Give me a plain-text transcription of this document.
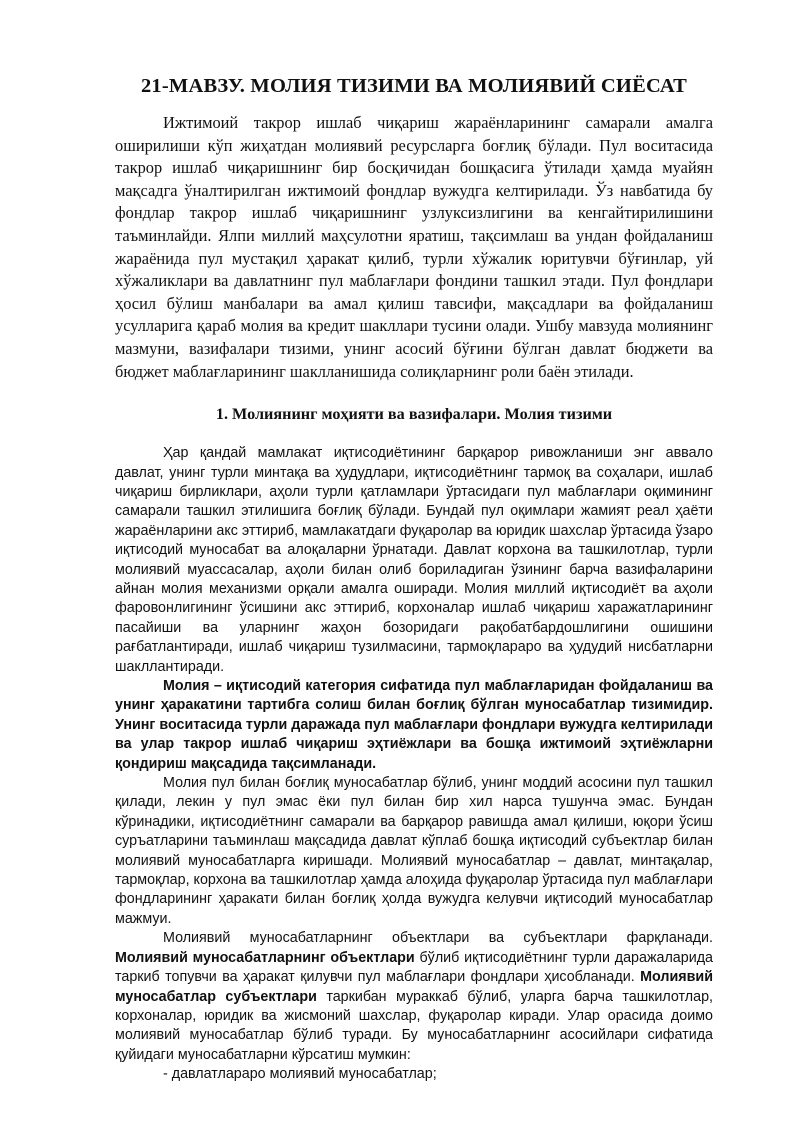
21-МАВЗУ. МОЛИЯ ТИЗИМИ ВА МОЛИЯВИЙ СИЁСАТ

Ижтимоий такрор ишлаб чиқариш жараёнларининг самарали амалга оширилиши кўп жиҳатдан молиявий ресурсларга боғлиқ бўлади. Пул воситасида такрор ишлаб чиқаришнинг бир босқичидан бошқасига ўтилади ҳамда муайян мақсадга ўналтирилган ижтимоий фондлар вужудга келтирилади. Ўз навбатида бу фондлар такрор ишлаб чиқаришнинг узлуксизлигини ва кенгайтирилишини таъминлайди. Ялпи миллий маҳсулотни яратиш, тақсимлаш ва ундан фойдаланиш жараёнида пул мустақил ҳаракат қилиб, турли хўжалик юритувчи бўғинлар, уй хўжаликлари ва давлатнинг пул маблағлари фондини ташкил этади. Пул фондлари ҳосил бўлиш манбалари ва амал қилиш тавсифи, мақсадлари ва фойдаланиш усулларига қараб молия ва кредит шакллари тусини олади. Ушбу мавзуда молиянинг мазмуни, вазифалари тизими, унинг асосий бўғини бўлган давлат бюджети ва бюджет маблағларининг шаклланишида солиқларнинг роли баён этилади.

1. Молиянинг моҳияти ва вазифалари. Молия тизими

Ҳар қандай мамлакат иқтисодиётининг барқарор ривожланиши энг аввало давлат, унинг турли минтақа ва ҳудудлари, иқтисодиётнинг тармоқ ва соҳалари, ишлаб чиқариш бирликлари, аҳоли турли қатламлари ўртасидаги пул маблағлари оқимининг самарали ташкил этилишига боғлиқ бўлади. Бундай пул оқимлари жамият реал ҳаёти жараёнларини акс эттириб, мамлакатдаги фуқаролар ва юридик шахслар ўртасида ўзаро иқтисодий муносабат ва алоқаларни ўрнатади. Давлат корхона ва ташкилотлар, турли молиявий муассасалар, аҳоли билан олиб бориладиган ўзининг барча вазифаларини айнан молия механизми орқали амалга оширади. Молия миллий иқтисодиёт ва аҳоли фаровонлигининг ўсишини акс эттириб, корхоналар ишлаб чиқариш харажатларининг пасайиши ва уларнинг жаҳон бозоридаги рақобатбардошлигини ошишини рағбатлантиради, ишлаб чиқариш тузилмасини, тармоқлараро ва ҳудудий нисбатларни шакллантиради.

Молия – иқтисодий категория сифатида пул маблағларидан фойдаланиш ва унинг ҳаракатини тартибга солиш билан боғлиқ бўлган муносабатлар тизимидир. Унинг воситасида турли даражада пул маблағлари фондлари вужудга келтирилади ва улар такрор ишлаб чиқариш эҳтиёжлари ва бошқа ижтимоий эҳтиёжларни қондириш мақсадида тақсимланади.

Молия пул билан боғлиқ муносабатлар бўлиб, унинг моддий асосини пул ташкил қилади, лекин у пул эмас ёки пул билан бир хил нарса тушунча эмас. Бундан кўринадики, иқтисодиётнинг самарали ва барқарор равишда амал қилиши, юқори ўсиш суръатларини таъминлаш мақсадида давлат кўплаб бошқа иқтисодий субъектлар билан молиявий муносабатларга киришади. Молиявий муносабатлар – давлат, минтақалар, тармоқлар, корхона ва ташкилотлар ҳамда алоҳида фуқаролар ўртасида пул маблағлари фондларининг ҳаракати билан боғлиқ ҳолда вужудга келувчи иқтисодий муносабатлар мажмуи.

Молиявий муносабатларнинг объектлари ва субъектлари фарқланади. Молиявий муносабатларнинг объектлари бўлиб иқтисодиётнинг турли даражаларида таркиб топувчи ва ҳаракат қилувчи пул маблағлари фондлари ҳисобланади. Молиявий муносабатлар субъектлари таркибан мураккаб бўлиб, уларга барча ташкилотлар, корхоналар, юридик ва жисмоний шахслар, фуқаролар киради. Улар орасида доимо молиявий муносабатлар бўлиб туради. Бу муносабатларнинг асосийлари сифатида қуйидаги муносабатларни кўрсатиш мумкин:

- давлатлараро молиявий муносабатлар;
